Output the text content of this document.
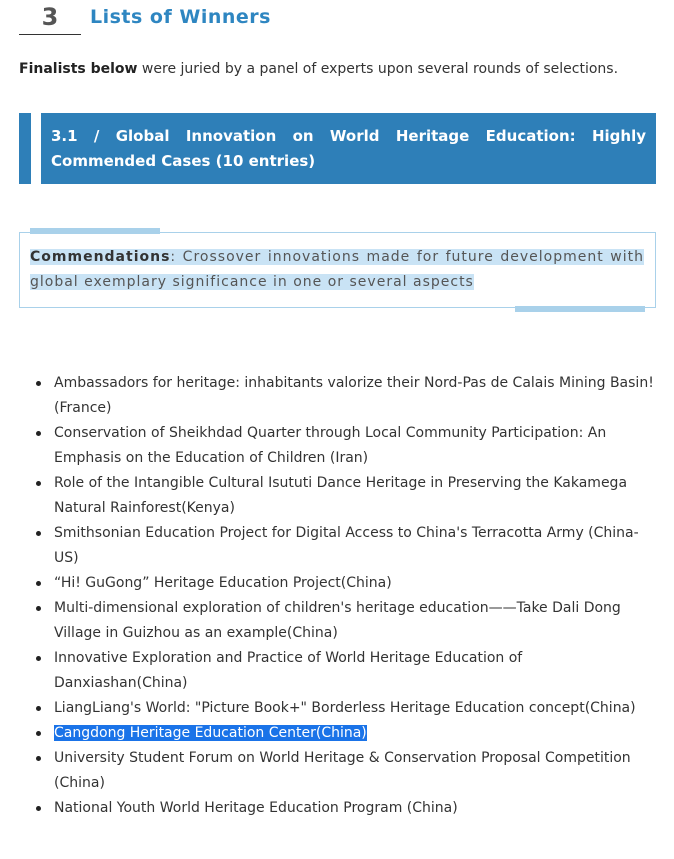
3	Lists of Winners
Finalists below were juried by a panel of experts upon several rounds of selections.
3.1 / Global Innovation on World Heritage Education: Highly Commended Cases (10 entries)
Commendations: Crossover innovations made for future development with global exemplary significance in one or several aspects
Ambassadors for heritage: inhabitants valorize their Nord-Pas de Calais Mining Basin! (France)
Conservation of Sheikhdad Quarter through Local Community Participation: An Emphasis on the Education of Children (Iran)
Role of the Intangible Cultural Isututi Dance Heritage in Preserving the Kakamega Natural Rainforest(Kenya)
Smithsonian Education Project for Digital Access to China's Terracotta Army (China-US)
“Hi! GuGong” Heritage Education Project(China)
Multi-dimensional exploration of children's heritage education——Take Dali Dong Village in Guizhou as an example(China)
Innovative Exploration and Practice of World Heritage Education of Danxiashan(China)
LiangLiang's World: "Picture Book+" Borderless Heritage Education concept(China)
Cangdong Heritage Education Center(China)
University Student Forum on World Heritage & Conservation Proposal Competition (China)
National Youth World Heritage Education Program (China)
